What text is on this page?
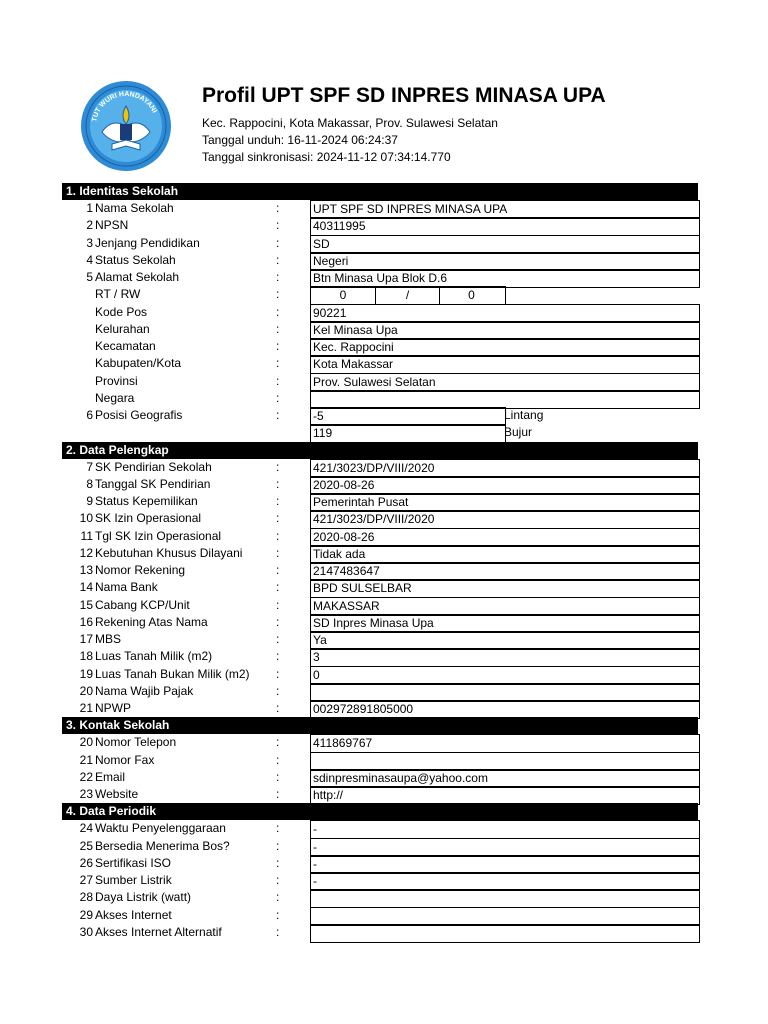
TUT WURI HANDAYANI
Profil UPT SPF SD INPRES MINASA UPA
Kec. Rappocini, Kota Makassar, Prov. Sulawesi Selatan
Tanggal unduh: 16-11-2024 06:24:37
Tanggal sinkronisasi: 2024-11-12 07:34:14.770
1. Identitas Sekolah
1 Nama Sekolah	:	UPT SPF SD INPRES MINASA UPA
2 NPSN	:	40311995
3 Jenjang Pendidikan	:	SD
4 Status Sekolah	:	Negeri
5 Alamat Sekolah	:	Btn Minasa Upa Blok D.6
RT / RW	:	0	/	0
Kode Pos	:	90221
Kelurahan	:	Kel Minasa Upa
Kecamatan	:	Kec. Rappocini
Kabupaten/Kota	:	Kota Makassar
Provinsi	:	Prov. Sulawesi Selatan
Negara	:
6 Posisi Geografis	:	-5	Lintang
119	Bujur
2. Data Pelengkap
7 SK Pendirian Sekolah	:	421/3023/DP/VIII/2020
8 Tanggal SK Pendirian	:	2020-08-26
9 Status Kepemilikan	:	Pemerintah Pusat
10 SK Izin Operasional	:	421/3023/DP/VIII/2020
11 Tgl SK Izin Operasional	:	2020-08-26
12 Kebutuhan Khusus Dilayani	:	Tidak ada
13 Nomor Rekening	:	2147483647
14 Nama Bank	:	BPD SULSELBAR
15 Cabang KCP/Unit	:	MAKASSAR
16 Rekening Atas Nama	:	SD Inpres Minasa Upa
17 MBS	:	Ya
18 Luas Tanah Milik (m2)	:	3
19 Luas Tanah Bukan Milik (m2) :	0
20 Nama Wajib Pajak	:
21 NPWP	:	002972891805000
3. Kontak Sekolah
20 Nomor Telepon	:	411869767
21 Nomor Fax	:
22 Email	:	sdinpresminasaupa@yahoo.com
23 Website	:	http://
4. Data Periodik
24 Waktu Penyelenggaraan	:	-
25 Bersedia Menerima Bos?	:	-
26 Sertifikasi ISO	:	-
27 Sumber Listrik	:	-
28 Daya Listrik (watt)	:
29 Akses Internet	:
30 Akses Internet Alternatif	:
